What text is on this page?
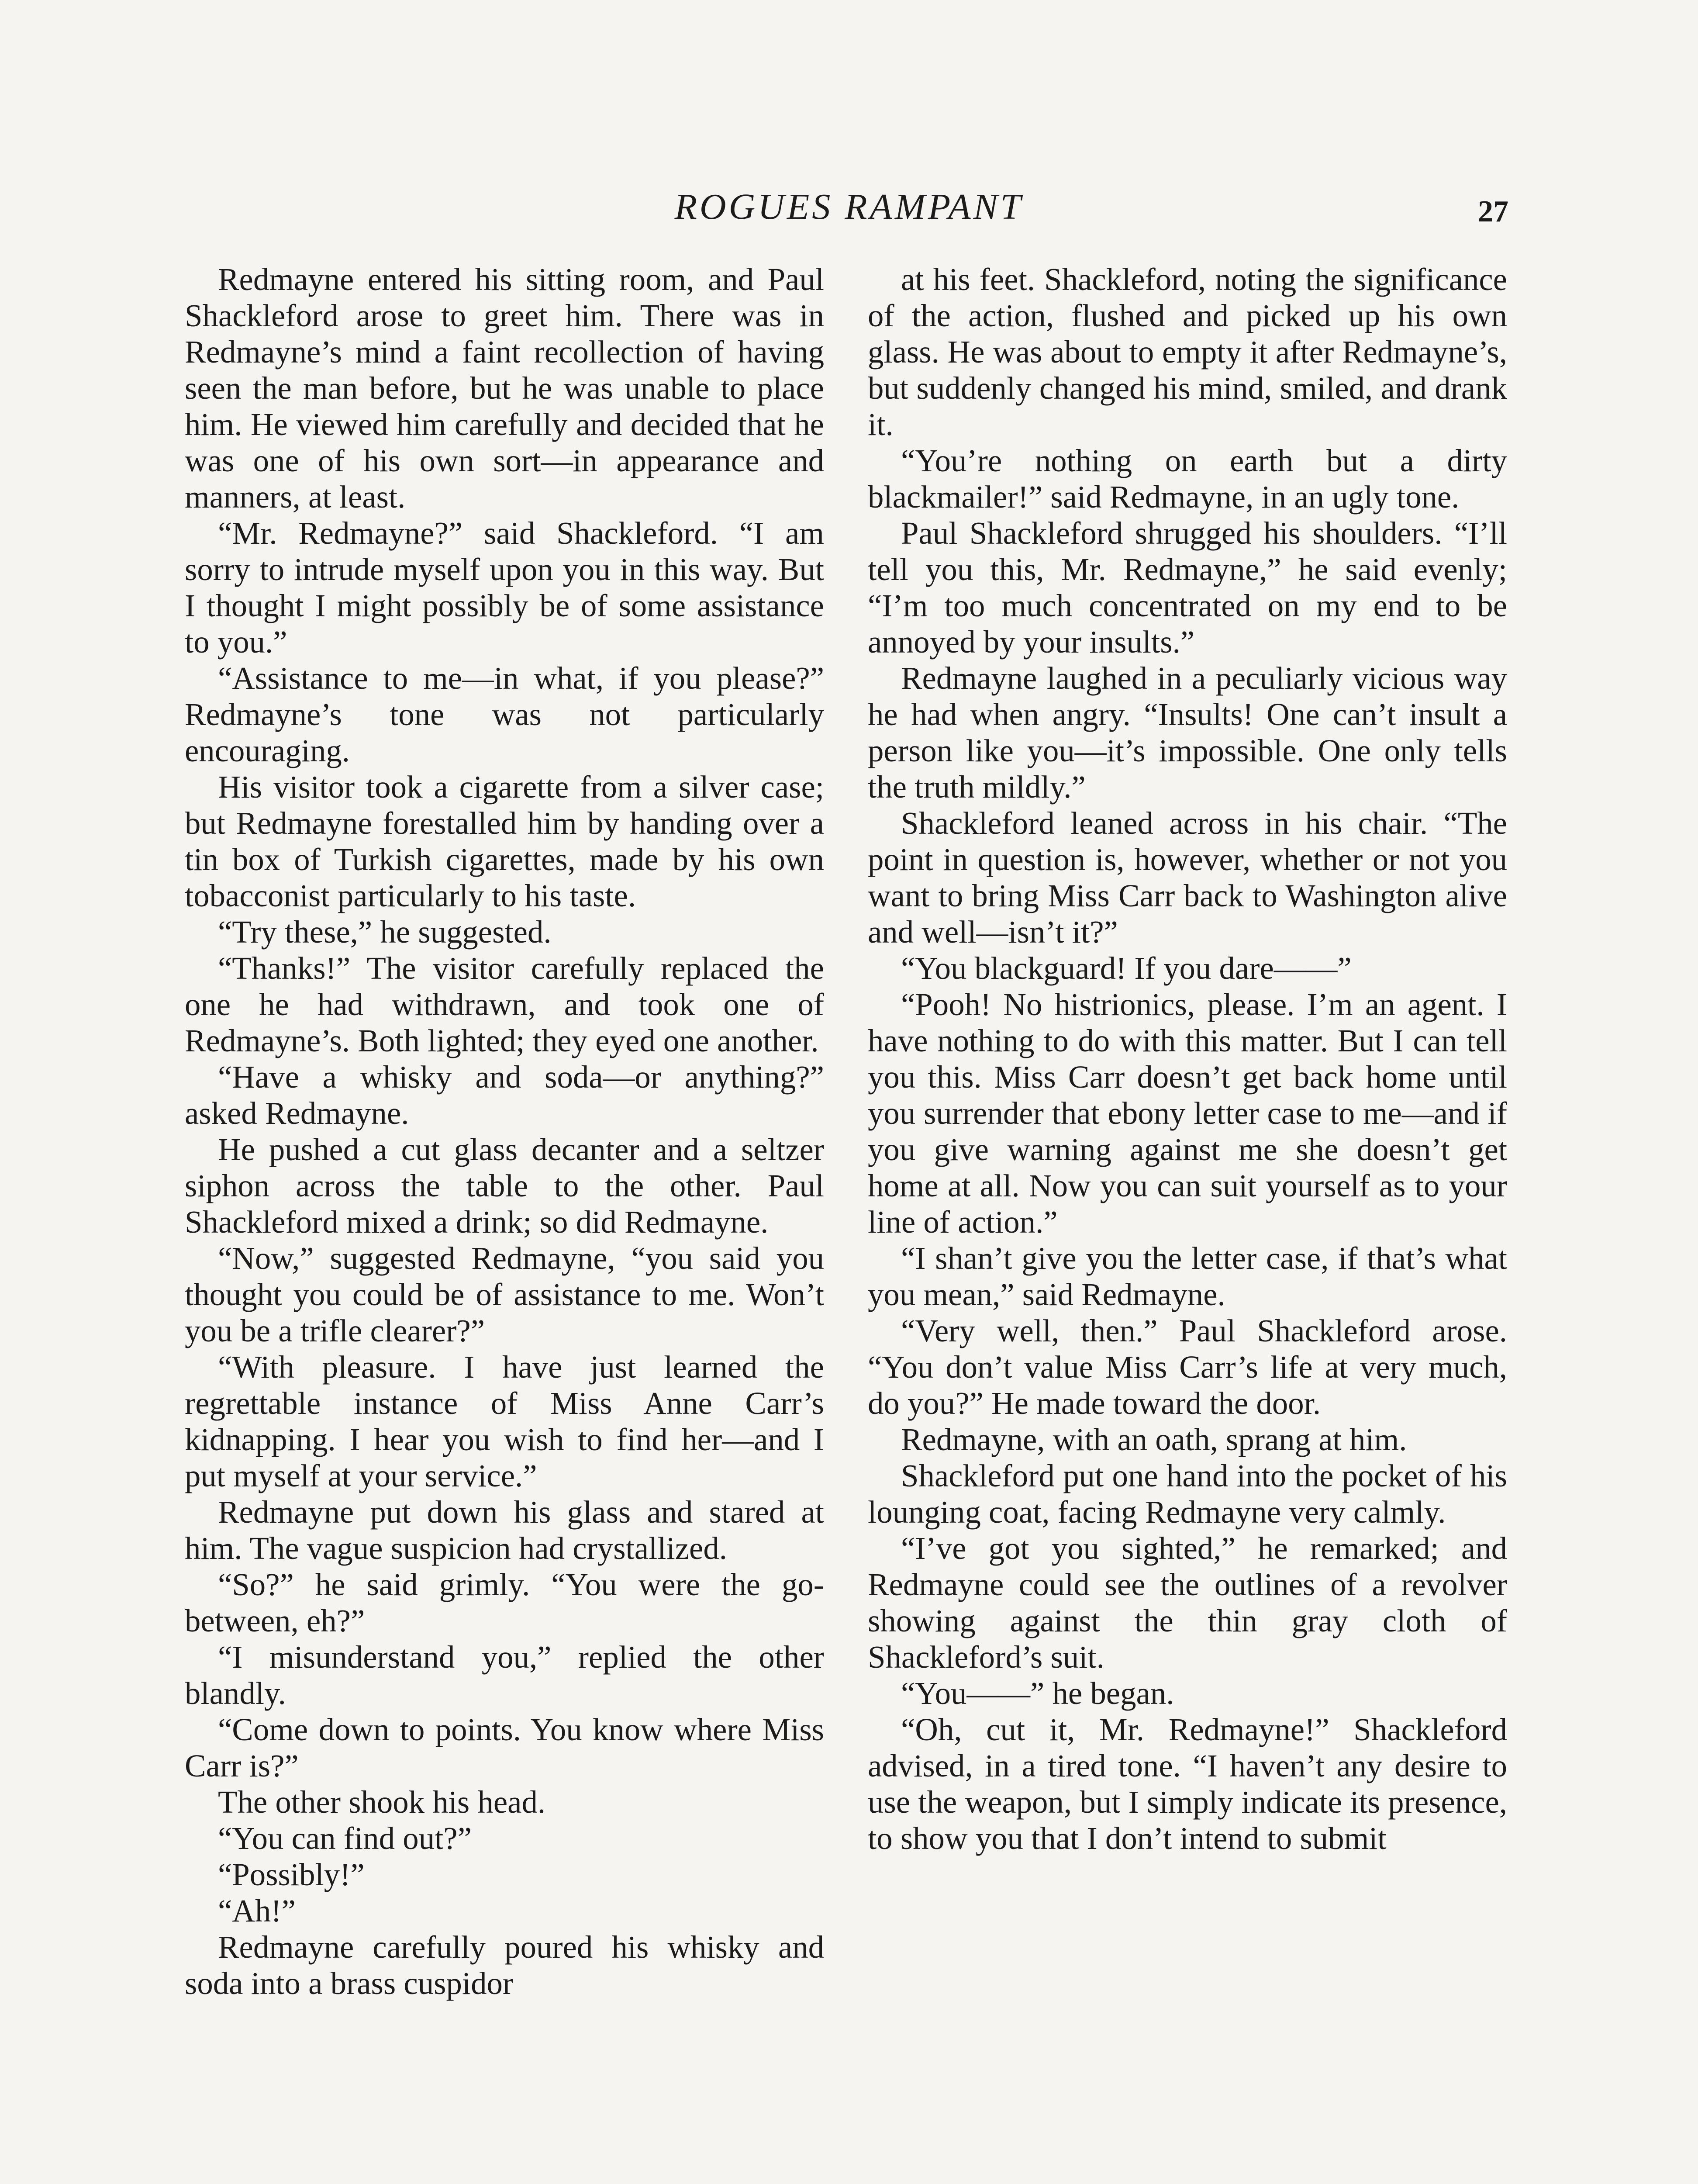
ROGUES RAMPANT	27

Redmayne entered his sitting room, and Paul Shackleford arose to greet him. There was in Redmayne’s mind a faint recollection of having seen the man before, but he was unable to place him. He viewed him carefully and decided that he was one of his own sort—in appearance and manners, at least.

“Mr. Redmayne?” said Shackleford. “I am sorry to intrude myself upon you in this way. But I thought I might possibly be of some assistance to you.”

“Assistance to me—in what, if you please?” Redmayne’s tone was not particularly encouraging.

His visitor took a cigarette from a silver case; but Redmayne forestalled him by handing over a tin box of Turkish cigarettes, made by his own tobacconist particularly to his taste.

“Try these,” he suggested.

“Thanks!” The visitor carefully replaced the one he had withdrawn, and took one of Redmayne’s. Both lighted; they eyed one another.

“Have a whisky and soda—or anything?” asked Redmayne.

He pushed a cut glass decanter and a seltzer siphon across the table to the other. Paul Shackleford mixed a drink; so did Redmayne.

“Now,” suggested Redmayne, “you said you thought you could be of assistance to me. Won’t you be a trifle clearer?”

“With pleasure. I have just learned the regrettable instance of Miss Anne Carr’s kidnapping. I hear you wish to find her—and I put myself at your service.”

Redmayne put down his glass and stared at him. The vague suspicion had crystallized.

“So?” he said grimly. “You were the go-between, eh?”

“I misunderstand you,” replied the other blandly.

“Come down to points. You know where Miss Carr is?”

The other shook his head.

“You can find out?”

“Possibly!”

“Ah!”

Redmayne carefully poured his whisky and soda into a brass cuspidor

at his feet. Shackleford, noting the significance of the action, flushed and picked up his own glass. He was about to empty it after Redmayne’s, but suddenly changed his mind, smiled, and drank it.

“You’re nothing on earth but a dirty blackmailer!” said Redmayne, in an ugly tone.

Paul Shackleford shrugged his shoulders. “I’ll tell you this, Mr. Redmayne,” he said evenly; “I’m too much concentrated on my end to be annoyed by your insults.”

Redmayne laughed in a peculiarly vicious way he had when angry. “Insults! One can’t insult a person like you—it’s impossible. One only tells the truth mildly.”

Shackleford leaned across in his chair. “The point in question is, however, whether or not you want to bring Miss Carr back to Washington alive and well—isn’t it?”

“You blackguard! If you dare——”

“Pooh! No histrionics, please. I’m an agent. I have nothing to do with this matter. But I can tell you this. Miss Carr doesn’t get back home until you surrender that ebony letter case to me—and if you give warning against me she doesn’t get home at all. Now you can suit yourself as to your line of action.”

“I shan’t give you the letter case, if that’s what you mean,” said Redmayne.

“Very well, then.” Paul Shackleford arose. “You don’t value Miss Carr’s life at very much, do you?” He made toward the door.

Redmayne, with an oath, sprang at him.

Shackleford put one hand into the pocket of his lounging coat, facing Redmayne very calmly.

“I’ve got you sighted,” he remarked; and Redmayne could see the outlines of a revolver showing against the thin gray cloth of Shackleford’s suit.

“You——” he began.

“Oh, cut it, Mr. Redmayne!” Shackleford advised, in a tired tone. “I haven’t any desire to use the weapon, but I simply indicate its presence, to show you that I don’t intend to submit
